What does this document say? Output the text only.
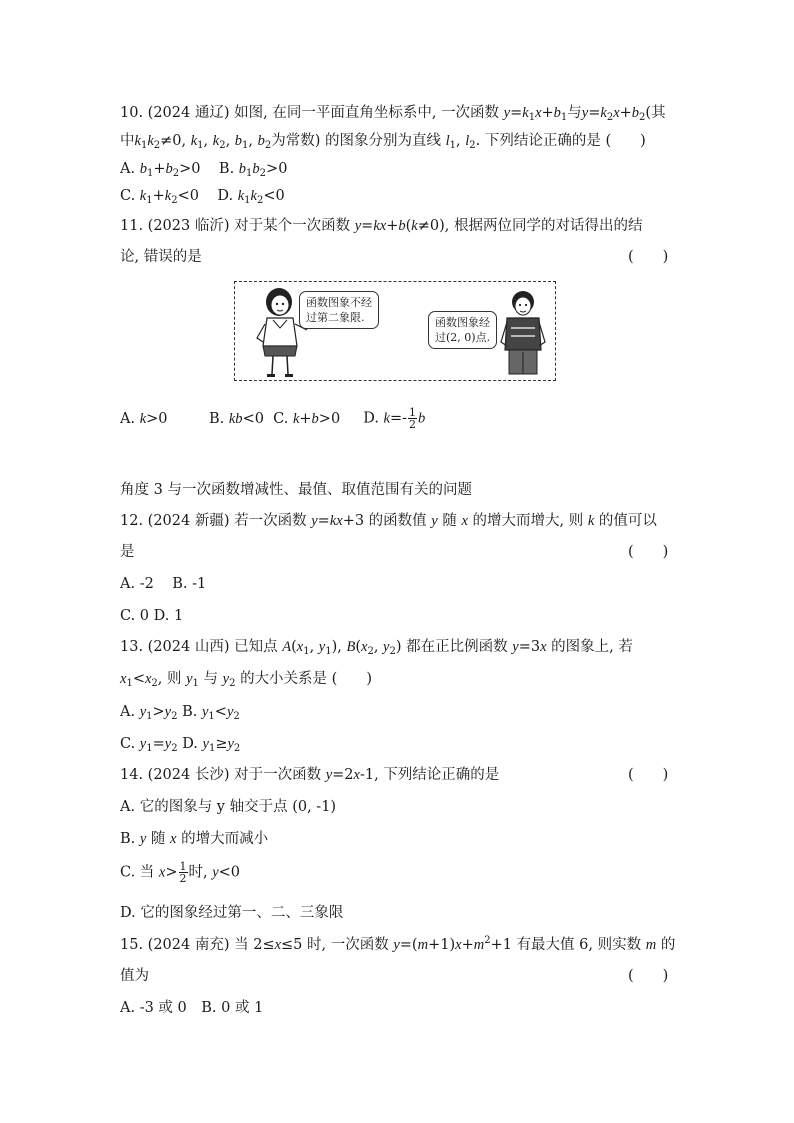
10. (2024 通辽) 如图, 在同一平面直角坐标系中, 一次函数 $y=k_1x+b_1$与$y=k_2x+b_2$(其
中$k_1k_2\ne 0$, $k_1$, $k_2$, $b_1$, $b_2$为常数) 的图象分别为直线 $l_1$, $l_2$. 下列结论正确的是 (　　)
A. $b_1+b_2>0$ B. $b_1b_2>0$
C. $k_1+k_2<0$ D. $k_1k_2<0$
11. (2023 临沂) 对于某个一次函数 y=kx+b(k≠0), 根据两位同学的对话得出的结
论, 错误的是	(　　)
函数图象不经
过第二象限.	函数图象经
过(2, 0)点.
A. k>0	B. kb<0 C. k+b>0 D. $k=- \frac{1}{2}$ b
角度 3 与一次函数增减性、最值、取值范围有关的问题
12. (2024 新疆) 若一次函数 y=kx+3 的函数值 y 随 x 的增大而增大, 则 k 的值可以
是	(　　)
A. -2 B. -1
C. 0 D. 1
13. (2024 山西) 已知点 $A(x_1$, $y_1$), $B(x_2$, $y_2$) 都在正比例函数 y=3x 的图象上, 若
$x_1<x_2$, 则 $y_1$ 与 $y_2$ 的大小关系是 (　　)
A. $y_1>y_2$ B. $y_1<y_2$
C. $y_1=y_2$ D. $y_1\ge y_2$
14. (2024 长沙) 对于一次函数 y=2x-1, 下列结论正确的是	(　　)
A. 它的图象与 y 轴交于点 (0, -1)
B. y 随 x 的增大而减小
C. 当 $x> \frac{1}{2}$ 时, y<0
D. 它的图象经过第一、二、三象限
15. (2024 南充) 当 2≤x≤5 时, 一次函数 $y=(m+1)x+m^2+1$ 有最大值 6, 则实数 m 的
值为	(　　)
A. -3 或 0　B. 0 或 1
